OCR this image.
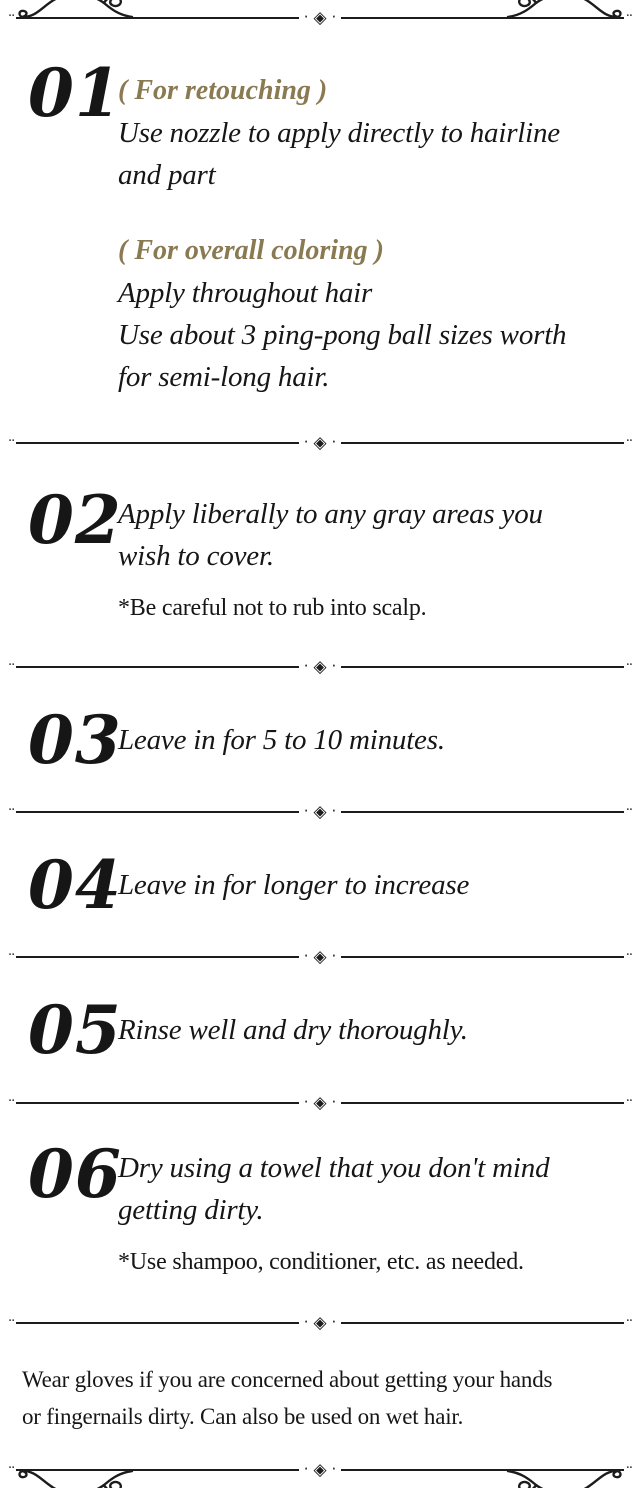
··	· ◈ ·	··
01
( For retouching )
Use nozzle to apply directly to hairline
and part
( For overall coloring )
Apply throughout hair
Use about 3 ping-pong ball sizes worth
for semi-long hair.
··	· ◈ ·	··
02
Apply liberally to any gray areas you
wish to cover.
*Be careful not to rub into scalp.
··	· ◈ ·	··
03
Leave in for 5 to 10 minutes.
··	· ◈ ·	··
04
Leave in for longer to increase
··	· ◈ ·	··
05
Rinse well and dry thoroughly.
··	· ◈ ·	··
06
Dry using a towel that you don't mind
getting dirty.
*Use shampoo, conditioner, etc. as needed.
··	· ◈ ·	··
Wear gloves if you are concerned about getting your hands
or fingernails dirty. Can also be used on wet hair.
··	· ◈ ·	··
